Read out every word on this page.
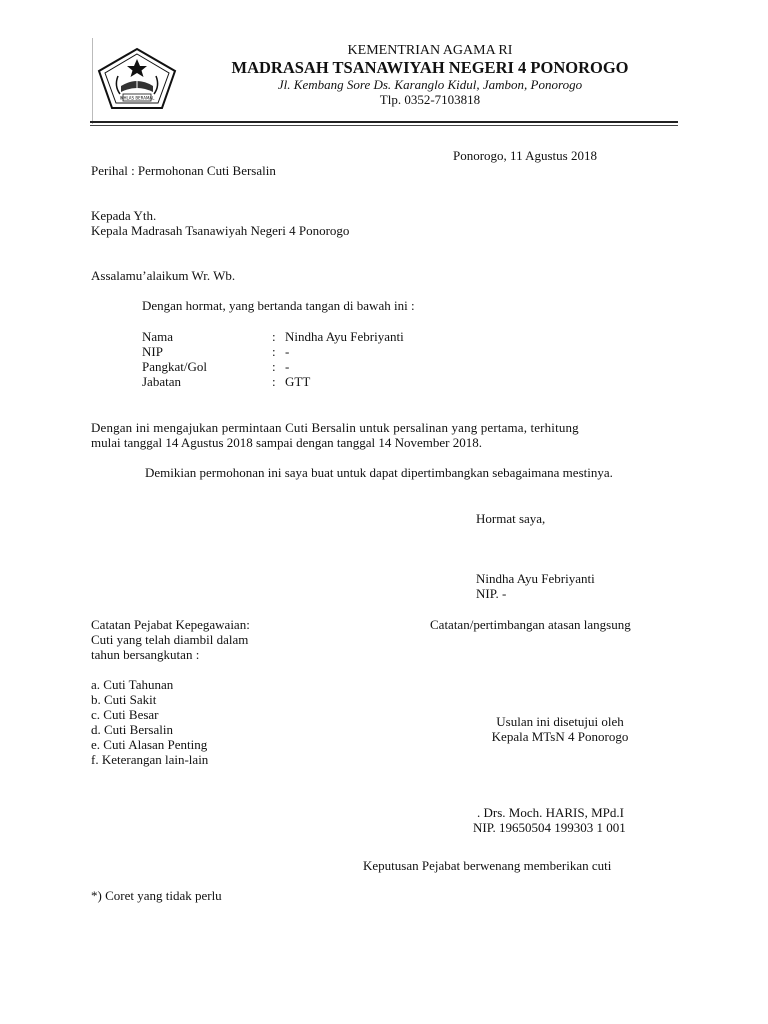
IKHLAS BERAMAL
KEMENTRIAN AGAMA RI
MADRASAH TSANAWIYAH NEGERI 4 PONOROGO
Jl. Kembang Sore Ds. Karanglo Kidul, Jambon, Ponorogo
Tlp. 0352-7103818
Ponorogo, 11 Agustus 2018
Perihal : Permohonan Cuti Bersalin
Kepada Yth.
Kepala Madrasah Tsanawiyah Negeri 4 Ponorogo
Assalamu’alaikum Wr. Wb.
Dengan hormat, yang bertanda tangan di bawah ini :
Nama	: Nindha Ayu Febriyanti
NIP	: -
Pangkat/Gol	: -
Jabatan	: GTT
Dengan ini mengajukan permintaan Cuti Bersalin untuk persalinan yang pertama, terhitung
mulai tanggal 14 Agustus 2018 sampai dengan tanggal 14 November 2018.
Demikian permohonan ini saya buat untuk dapat dipertimbangkan sebagaimana mestinya.
Hormat saya,
Nindha Ayu Febriyanti
NIP. -
Catatan Pejabat Kepegawaian:
Cuti yang telah diambil dalam
tahun bersangkutan :
Catatan/pertimbangan atasan langsung
a. Cuti Tahunan
b. Cuti Sakit
c. Cuti Besar
d. Cuti Bersalin
e. Cuti Alasan Penting
f. Keterangan lain-lain
Usulan ini disetujui oleh
Kepala MTsN 4 Ponorogo
. Drs. Moch. HARIS, MPd.I
NIP. 19650504 199303 1 001
Keputusan Pejabat berwenang memberikan cuti
*) Coret yang tidak perlu
